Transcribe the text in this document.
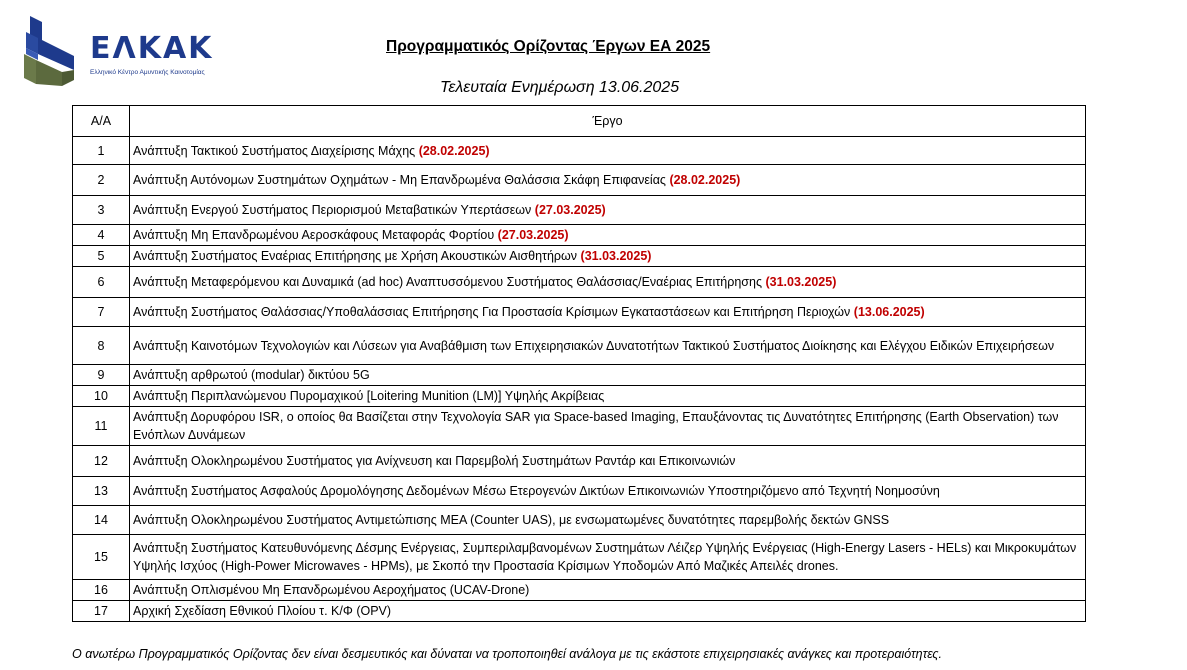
ΕΛΚΑΚ
Ελληνικό Κέντρο Αμυντικής Καινοτομίας
Προγραμματικός Ορίζοντας Έργων ΕΑ 2025
Τελευταία Ενημέρωση 13.06.2025
Α/Α	Έργο
1	Ανάπτυξη Τακτικού Συστήματος Διαχείρισης Μάχης (28.02.2025)
2	Ανάπτυξη Αυτόνομων Συστημάτων Οχημάτων - Μη Επανδρωμένα Θαλάσσια Σκάφη Επιφανείας (28.02.2025)
3	Ανάπτυξη Ενεργού Συστήματος Περιορισμού Μεταβατικών Υπερτάσεων (27.03.2025)
4	Ανάπτυξη Μη Επανδρωμένου Αεροσκάφους Μεταφοράς Φορτίου (27.03.2025)
5	Ανάπτυξη Συστήματος Εναέριας Επιτήρησης με Χρήση Ακουστικών Αισθητήρων (31.03.2025)
6	Ανάπτυξη Μεταφερόμενου και Δυναμικά (ad hoc) Αναπτυσσόμενου Συστήματος Θαλάσσιας/Εναέριας Επιτήρησης (31.03.2025)
7	Ανάπτυξη Συστήματος Θαλάσσιας/Υποθαλάσσιας Επιτήρησης Για Προστασία Κρίσιμων Εγκαταστάσεων και Επιτήρηση Περιοχών (13.06.2025)
8	Ανάπτυξη Καινοτόμων Τεχνολογιών και Λύσεων για Αναβάθμιση των Επιχειρησιακών Δυνατοτήτων Τακτικού Συστήματος Διοίκησης και Ελέγχου Ειδικών Επιχειρήσεων
9	Ανάπτυξη αρθρωτού (modular) δικτύου 5G
10	Ανάπτυξη Περιπλανώμενου Πυρομαχικού [Loitering Munition (LM)] Υψηλής Ακρίβειας
11	Ανάπτυξη Δορυφόρου ISR, ο οποίος θα Βασίζεται στην Τεχνολογία SAR για Space-based Imaging, Επαυξάνοντας τις Δυνατότητες Επιτήρησης (Earth Observation) των Ενόπλων Δυνάμεων
12	Ανάπτυξη Ολοκληρωμένου Συστήματος για Ανίχνευση και Παρεμβολή Συστημάτων Ραντάρ και Επικοινωνιών
13	Ανάπτυξη Συστήματος Ασφαλούς Δρομολόγησης Δεδομένων Μέσω Ετερογενών Δικτύων Επικοινωνιών Υποστηριζόμενο από Τεχνητή Νοημοσύνη
14	Ανάπτυξη Ολοκληρωμένου Συστήματος Αντιμετώπισης ΜΕΑ (Counter UAS), με ενσωματωμένες δυνατότητες παρεμβολής δεκτών GNSS
15	Ανάπτυξη Συστήματος Κατευθυνόμενης Δέσμης Ενέργειας, Συμπεριλαμβανομένων Συστημάτων Λέιζερ Υψηλής Ενέργειας (High-Energy Lasers - HELs) και Μικροκυμάτων Υψηλής Ισχύος (High-Power Microwaves - HPMs), με Σκοπό την Προστασία Κρίσιμων Υποδομών Από Μαζικές Απειλές drones.
16	Ανάπτυξη Οπλισμένου Μη Επανδρωμένου Αεροχήματος (UCAV-Drone)
17	Αρχική Σχεδίαση Εθνικού Πλοίου τ. Κ/Φ (OPV)
Ο ανωτέρω Προγραμματικός Ορίζοντας δεν είναι δεσμευτικός και δύναται να τροποποιηθεί ανάλογα με τις εκάστοτε επιχειρησιακές ανάγκες και προτεραιότητες.
